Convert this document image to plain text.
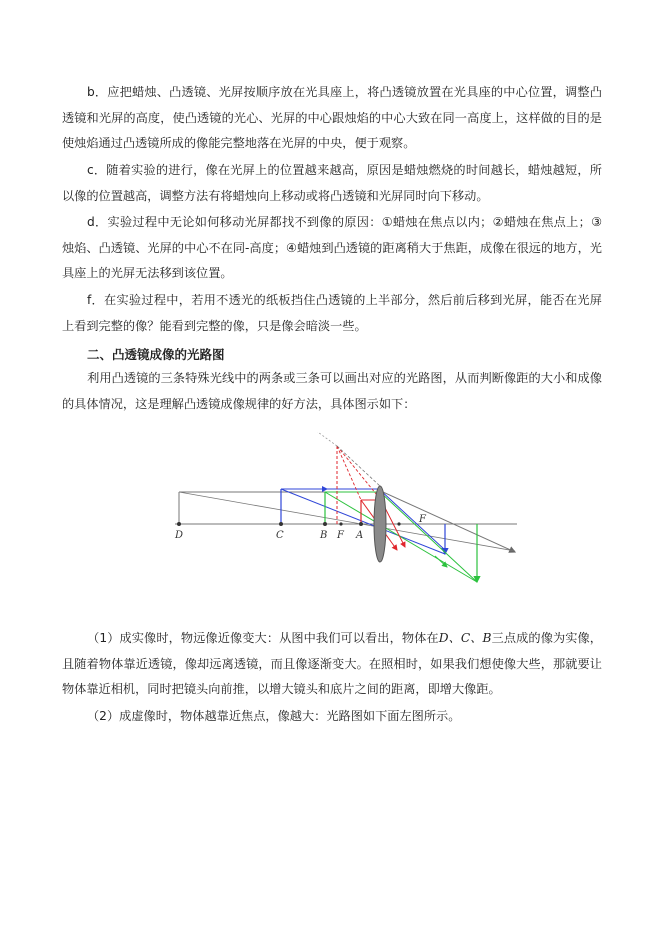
b．应把蜡烛、凸透镜、光屏按顺序放在光具座上，将凸透镜放置在光具座的中心位置，调整凸透镜和光屏的高度，使凸透镜的光心、光屏的中心跟烛焰的中心大致在同一高度上，这样做的目的是使烛焰通过凸透镜所成的像能完整地落在光屏的中央，便于观察。

c．随着实验的进行，像在光屏上的位置越来越高，原因是蜡烛燃烧的时间越长，蜡烛越短，所以像的位置越高，调整方法有将蜡烛向上移动或将凸透镜和光屏同时向下移动。

d．实验过程中无论如何移动光屏都找不到像的原因：①蜡烛在焦点以内；②蜡烛在焦点上；③烛焰、凸透镜、光屏的中心不在同-高度；④蜡烛到凸透镜的距离稍大于焦距，成像在很远的地方，光具座上的光屏无法移到该位置。

f．在实验过程中，若用不透光的纸板挡住凸透镜的上半部分，然后前后移到光屏，能否在光屏上看到完整的像？能看到完整的像，只是像会暗淡一些。

二、凸透镜成像的光路图

利用凸透镜的三条特殊光线中的两条或三条可以画出对应的光路图，从而判断像距的大小和成像的具体情况，这是理解凸透镜成像规律的好方法，具体图示如下：

D	C	B F A
F

（1）成实像时，物远像近像变大：从图中我们可以看出，物体在D、C、B三点成的像为实像，且随着物体靠近透镜，像却远离透镜，而且像逐渐变大。在照相时，如果我们想使像大些，那就要让物体靠近相机，同时把镜头向前推，以增大镜头和底片之间的距离，即增大像距。

（2）成虚像时，物体越靠近焦点，像越大：光路图如下面左图所示。
